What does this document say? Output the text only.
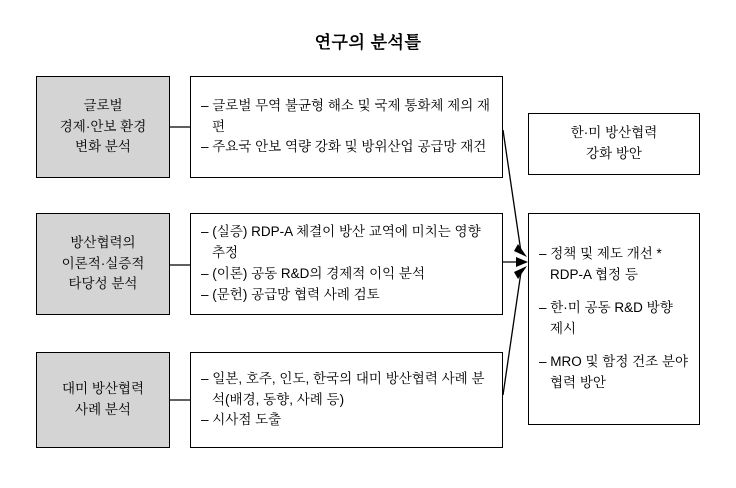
연구의 분석틀
글로벌
경제·안보 환경
변화 분석
방산협력의
이론적·실증적
타당성 분석
대미 방산협력
사례 분석
– 글로벌 무역 불균형 해소 및 국제 통화체 제의 재편
– 주요국 안보 역량 강화 및 방위산업 공급망 재건
– (실증) RDP-A 체결이 방산 교역에 미치는 영향 추정
– (이론) 공동 R&D의 경제적 이익 분석
– (문헌) 공급망 협력 사례 검토
– 일본, 호주, 인도, 한국의 대미 방산협력 사례 분석(배경, 동향, 사례 등)
– 시사점 도출
한·미 방산협력
강화 방안
– 정책 및 제도 개선 * RDP-A 협정 등
– 한·미 공동 R&D 방향 제시
– MRO 및 함정 건조 분야 협력 방안
